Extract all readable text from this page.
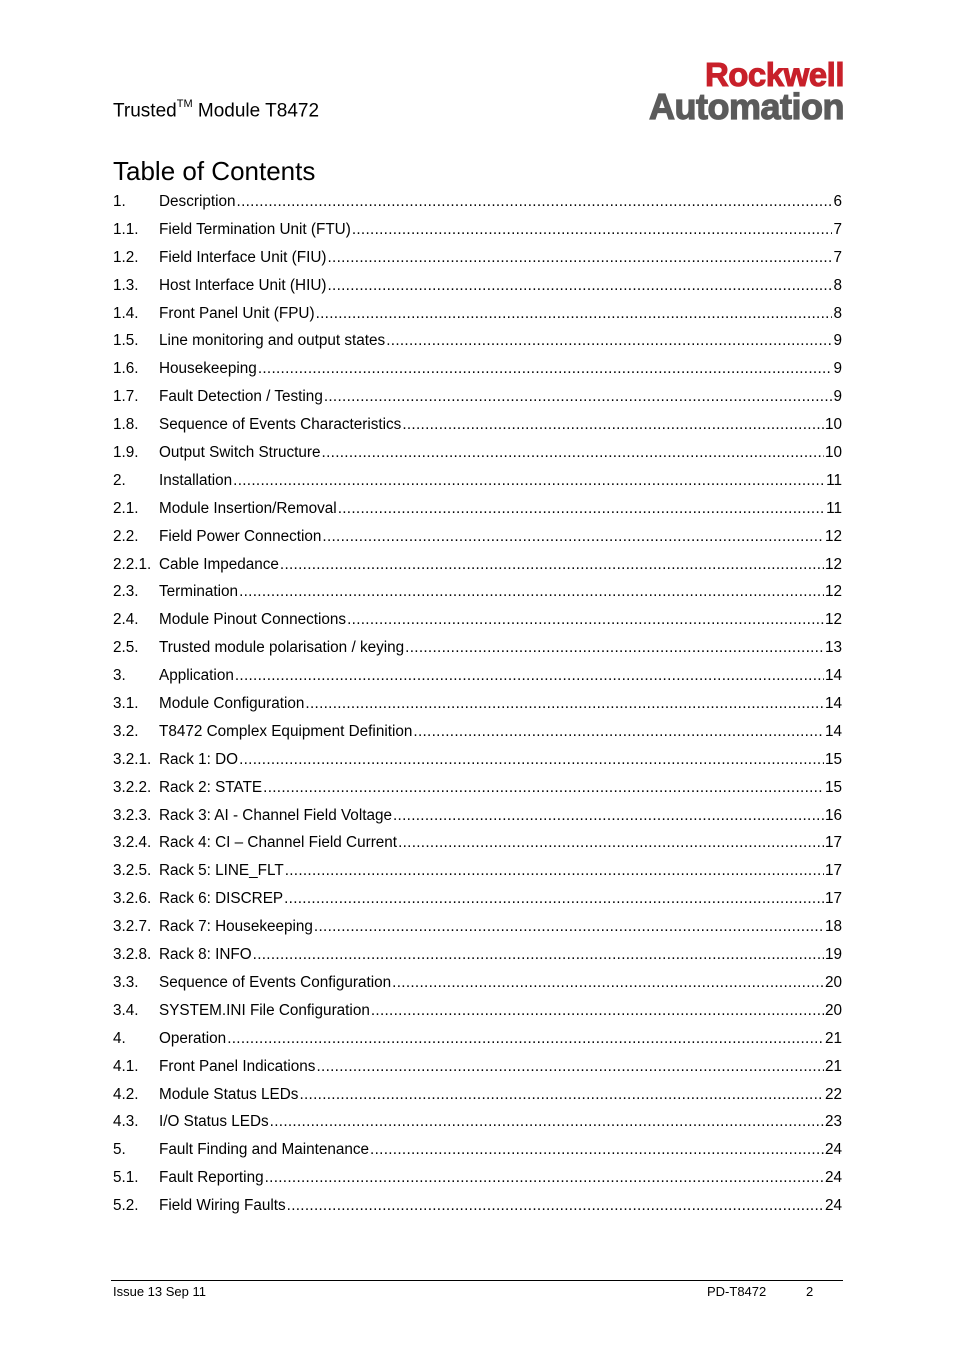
Trusted™ Module T8472
Rockwell
Automation
Table of Contents
1.	Description .....	6
1.1.	Field Termination Unit (FTU) .....	7
1.2.	Field Interface Unit (FIU) .....	7
1.3.	Host Interface Unit (HIU) .....	8
1.4.	Front Panel Unit (FPU) .....	8
1.5.	Line monitoring and output states .....	9
1.6.	Housekeeping .....	9
1.7.	Fault Detection / Testing .....	9
1.8.	Sequence of Events Characteristics .....	10
1.9.	Output Switch Structure .....	10
2.	Installation .....	11
2.1.	Module Insertion/Removal .....	11
2.2.	Field Power Connection .....	12
2.2.1. Cable Impedance .....	12
2.3.	Termination .....	12
2.4.	Module Pinout Connections .....	12
2.5.	Trusted module polarisation / keying .....	13
3.	Application .....	14
3.1.	Module Configuration .....	14
3.2.	T8472 Complex Equipment Definition .....	14
3.2.1. Rack 1: DO .....	15
3.2.2. Rack 2: STATE .....	15
3.2.3. Rack 3: AI - Channel Field Voltage .....	16
3.2.4. Rack 4: CI – Channel Field Current .....	17
3.2.5. Rack 5: LINE_FLT .....	17
3.2.6. Rack 6: DISCREP .....	17
3.2.7. Rack 7: Housekeeping .....	18
3.2.8. Rack 8: INFO .....	19
3.3.	Sequence of Events Configuration .....	20
3.4.	SYSTEM.INI File Configuration .....	20
4.	Operation .....	21
4.1.	Front Panel Indications .....	21
4.2.	Module Status LEDs .....	22
4.3.	I/O Status LEDs .....	23
5.	Fault Finding and Maintenance .....	24
5.1.	Fault Reporting .....	24
5.2.	Field Wiring Faults .....	24
Issue 13 Sep 11	PD-T8472	2
